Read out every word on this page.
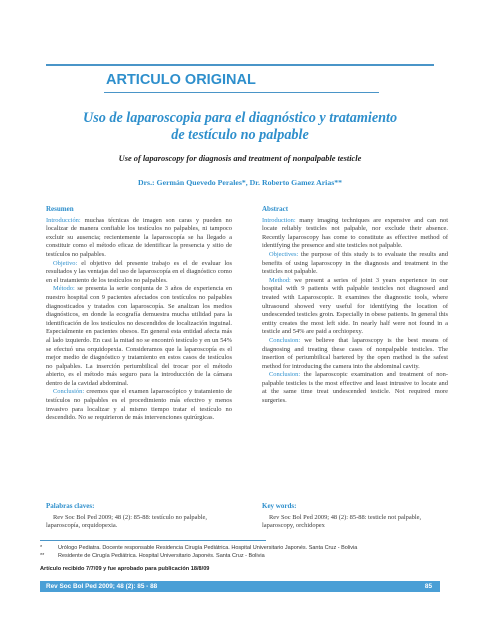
ARTICULO ORIGINAL
Uso de laparoscopia para el diagnóstico y tratamiento de testículo no palpable

Use of laparoscopy for diagnosis and treatment of nonpalpable testicle

Drs.: Germán Quevedo Perales*, Dr. Roberto Gamez Arias**

Resumen

Introducción: muchas técnicas de imagen son caras y pueden no localizar de manera confiable los testículos no palpables, ni tampoco excluir su ausencia; recientemente la laparoscopía se ha llegado a constituir como el método eficaz de identificar la presencia y sitio de testículos no palpables.

Objetivo: el objetivo del presente trabajo es el de evaluar los resultados y las ventajas del uso de laparoscopía en el diagnóstico como en el tratamiento de los testículos no palpables.

Método: se presenta la serie conjunta de 3 años de experiencia en nuestro hospital con 9 pacientes afectados con testículos no palpables diagnosticados y tratados con laparoscopía. Se analizan los medios diagnósticos, en donde la ecografía demuestra mucha utilidad para la identificación de los testículos no descendidos de localización inguinal. Especialmente en pacientes obesos. En general esta entidad afecta más al lado izquierdo. En casi la mitad no se encontró testículo y en un 54% se efectuó una orquidopexia. Consideramos que la laparoscopía es el mejor medio de diagnóstico y tratamiento en estos casos de testículos no palpables. La inserción periumbilical del trocar por el método abierto, es el método más seguro para la introducción de la cámara dentro de la cavidad abdominal.

Conclusión: creemos que el examen laparoscópico y tratamiento de testículos no palpables es el procedimiento más efectivo y menos invasivo para localizar y al mismo tiempo tratar el testículo no descendido. No se requirieron de más intervenciones quirúrgicas.

Abstract

Introduction: many imaging techniques are expensive and can not locate reliably testicles not palpable, nor exclude their absence. Recently laparoscopy has come to constitute as effective method of identifying the presence and site testicles not palpable.

Objectives: the purpose of this study is to evaluate the results and benefits of using laparoscopy in the diagnosis and treatment in the testicles not palpable.

Method: we present a series of joint 3 years experience in our hospital with 9 patients with palpable testicles not diagnosed and treated with Laparoscopic. It examines the diagnostic tools, where ultrasound showed very useful for identifying the location of undescended testicles groin. Especially in obese patients. In general this entity creates the most left side. In nearly half were not found in a testicle and 54% are paid a orchiopexy.

Conclusion: we believe that laparoscopy is the best means of diagnosing and treating these cases of nonpalpable testicles. The insertion of periumbilical bartered by the open method is the safest method for introducing the camera into the abdominal cavity.

Conclusion: the laparoscopic examination and treatment of non-palpable testicles is the most effective and least intrusive to locate and at the same time treat undescended testicle. Not required more surgeries.

Palabras claves:

Rev Soc Bol Ped 2009; 48 (2): 85-88: testículo no palpable, laparoscopía, orquidopexia.

Key words:

Rev Soc Bol Ped 2009; 48 (2): 85-88: testicle not palpable, laparoscopy, orchidopex

*	Urólogo Pediatra. Docente responsable Residencia Cirugía Pediátrica. Hospital Universitario Japonés. Santa Cruz - Bolivia
**	Residente de Cirugía Pediátrica. Hospital Universitario Japonés. Santa Cruz - Bolivia
Artículo recibido 7/7/09 y fue aprobado para publicación 18/8/09
Rev Soc Bol Ped 2009; 48 (2): 85 - 88	85
